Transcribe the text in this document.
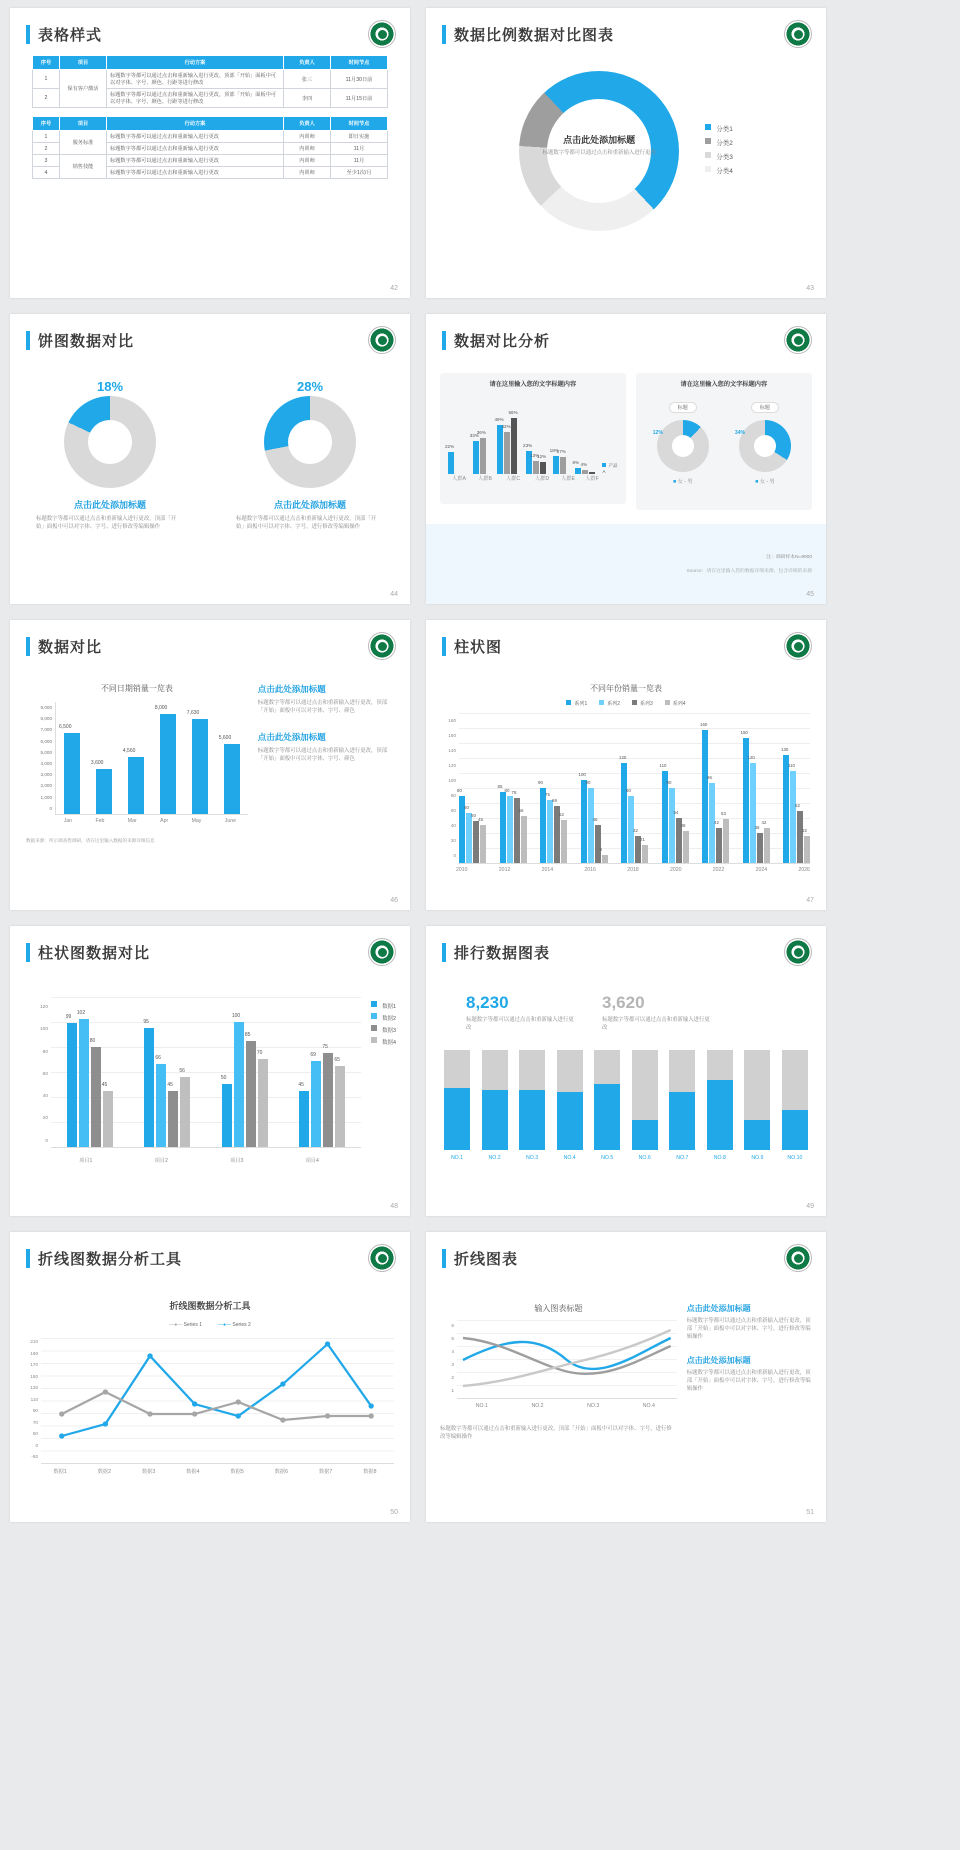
表格样式
序号	项目	行动方案	负责人	时间节点
1	保有客户激活	标题数字等都可以通过点击和重新输入进行更改，顶部「开始」面板中可以对字体、字号、颜色、行距等进行修改	张三	11月30日前
2		标题数字等都可以通过点击和重新输入进行更改，顶部「开始」面板中可以对字体、字号、颜色、行距等进行修改	李四	11月15日前
序号	项目	行动方案	负责人	时间节点
1	服务标准	标题数字等都可以通过点击和重新输入进行更改	内训师	即日实施
2		标题数字等都可以通过点击和重新输入进行更改	内训师	11月
3	销售技能	标题数字等都可以通过点击和重新输入进行更改	内训师	11月
4		标题数字等都可以通过点击和重新输入进行更改	内训师	至少1次/月
42
数据比例数据对比图表
点击此处添加标题
标题数字等都可以通过点击和重新输入进行更改
分类1
分类2
分类3
分类4
43
饼图数据对比
18%
点击此处添加标题
标题数字等都可以通过点击和重新输入进行更改，顶部「开始」面板中可以对字体、字号、进行修改等编辑操作
28%
点击此处添加标题
标题数字等都可以通过点击和重新输入进行更改，顶部「开始」面板中可以对字体、字号，进行修改等编辑操作
44
数据对比分析
请在这里输入您的文字标题内容
22%
33%
36%
49%
42%
56%
23%
13%
12%
18%
17%
6% 4%	产品A
人群A	人群B	人群C	人群D	人群E	人群F
请在这里输入您的文字标题内容
标题
12%
■ 女 - 男
标题
34%
■ 女 - 男
注：调研样本N=9000
Source：请在这里输入您的数据详细来源，包含详细的来源
45
数据对比
不同日期销量一览表
9,000
8,000
7,000
6,000
5,000
4,000
3,000
2,000
1,000
0
6,500
3,600
4,560
8,000
7,630
5,600
Jan	Feb	Mar	Apr	May	June
数据来源：所示调查售调研，请在这里输入数据的来源详细信息
点击此处添加标题
标题数字等都可以通过点击和重新输入进行更改，顶部「开始」面板中可以对字体、字号、颜色
点击此处添加标题
标题数字等都可以通过点击和重新输入进行更改，顶部「开始」面板中可以对字体、字号、颜色
46
柱状图
不同年份销量一览表
系列1	系列2	系列3	系列4
180
160
140
120
100
80
60
40
20
0
80
60
50
45
85
80 78
56
90
75
68
52
100
90
46
9
120
80
32
21
110
90
54
38
160
96
42
53
150
120
36
42
130
110
62
32
2010	2012	2014	2016	2018	2020	2022	2024	2026
47
柱状图数据对比
120
100
80
60
40
20
0
99
102
80
45
95
66
45
56
50
100
85
70
45
69
75
65
数据1
数据2
数据3
数据4
项目1	项目2	项目3	项目4
48
排行数据图表
8,230
标题数字等都可以通过点击和重新输入进行更改
3,620
标题数字等都可以通过点击和重新输入进行更改
NO.1	NO.2	NO.3	NO.4	NO.5	NO.6	NO.7	NO.8	NO.9	NO.10
49
折线图数据分析工具
折线图数据分析工具
—●— Series 1	—●— Series 2
210
190
170
150
130
110
90
70
50
0
-50
数据1	数据2	数据3	数据4	数据5	数据6	数据7	数据8
50
折线图表
输入图表标题
6
5
4
3
2
1
NO.1	NO.2	NO.3	NO.4
标题数字等都可以通过点击和重新输入进行更改，顶部「开始」面板中可以对字体、字号，进行修改等编辑操作
点击此处添加标题
标题数字等都可以通过点击和重新输入进行更改，顶部「开始」面板中可以对字体、字号，进行修改等编辑操作
点击此处添加标题
标题数字等都可以通过点击和重新输入进行更改，顶部「开始」面板中可以对字体、字号，进行修改等编辑操作
51
